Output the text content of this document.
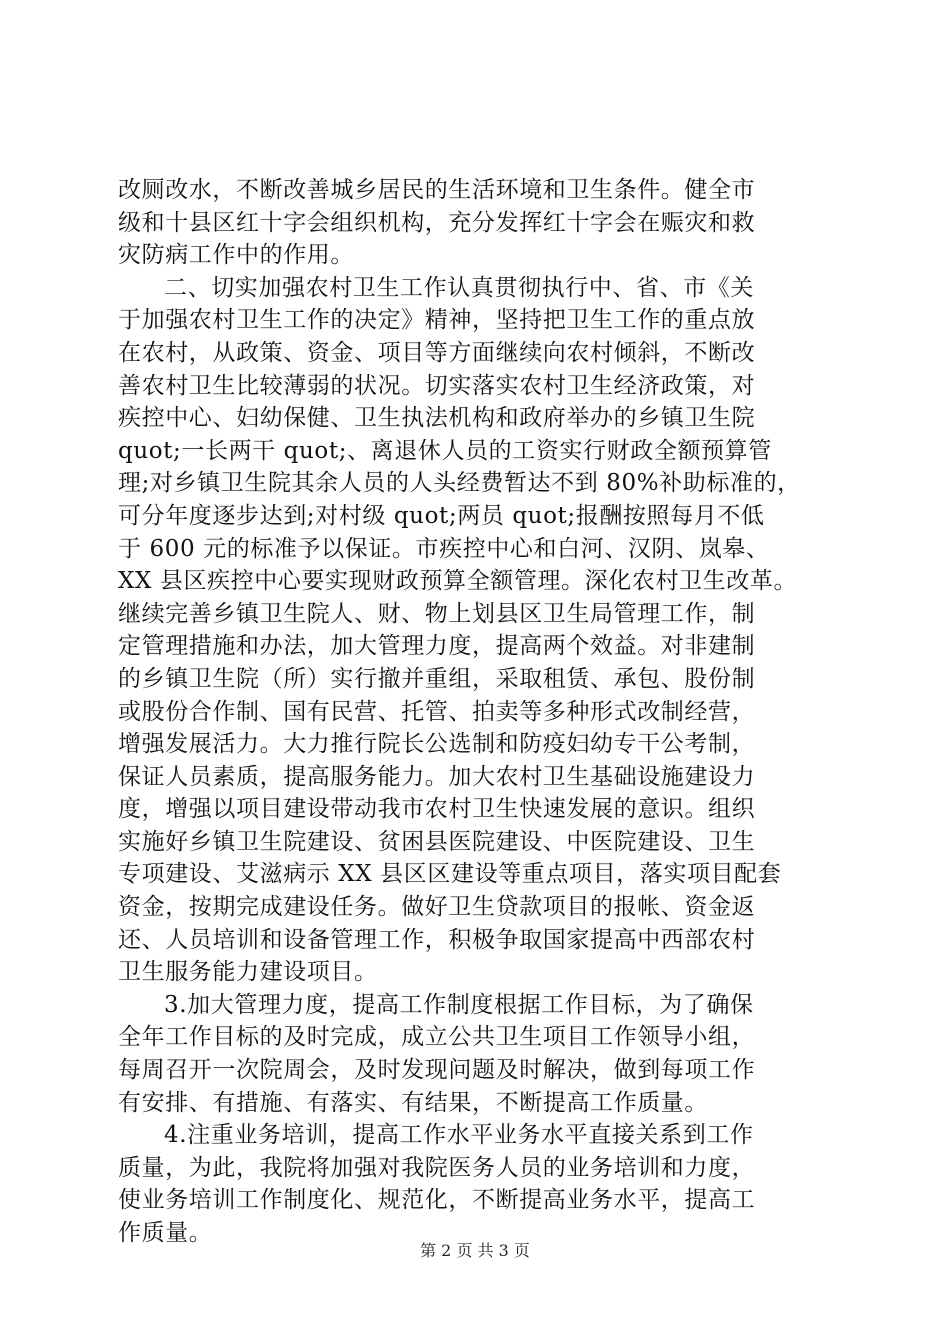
改厕改水，不断改善城乡居民的生活环境和卫生条件。健全市
级和十县区红十字会组织机构，充分发挥红十字会在赈灾和救
灾防病工作中的作用。
二、切实加强农村卫生工作认真贯彻执行中、省、市《关
于加强农村卫生工作的决定》精神，坚持把卫生工作的重点放
在农村，从政策、资金、项目等方面继续向农村倾斜，不断改
善农村卫生比较薄弱的状况。切实落实农村卫生经济政策，对
疾控中心、妇幼保健、卫生执法机构和政府举办的乡镇卫生院
quot;一长两干 quot;、离退休人员的工资实行财政全额预算管
理;对乡镇卫生院其余人员的人头经费暂达不到 80%补助标准的，
可分年度逐步达到;对村级 quot;两员 quot;报酬按照每月不低
于 600 元的标准予以保证。市疾控中心和白河、汉阴、岚皋、
XX 县区疾控中心要实现财政预算全额管理。深化农村卫生改革。
继续完善乡镇卫生院人、财、物上划县区卫生局管理工作，制
定管理措施和办法，加大管理力度，提高两个效益。对非建制
的乡镇卫生院（所）实行撤并重组，采取租赁、承包、股份制
或股份合作制、国有民营、托管、拍卖等多种形式改制经营，
增强发展活力。大力推行院长公选制和防疫妇幼专干公考制，
保证人员素质，提高服务能力。加大农村卫生基础设施建设力
度，增强以项目建设带动我市农村卫生快速发展的意识。组织
实施好乡镇卫生院建设、贫困县医院建设、中医院建设、卫生
专项建设、艾滋病示 XX 县区区建设等重点项目，落实项目配套
资金，按期完成建设任务。做好卫生贷款项目的报帐、资金返
还、人员培训和设备管理工作，积极争取国家提高中西部农村
卫生服务能力建设项目。
3.加大管理力度，提高工作制度根据工作目标，为了确保
全年工作目标的及时完成，成立公共卫生项目工作领导小组，
每周召开一次院周会，及时发现问题及时解决，做到每项工作
有安排、有措施、有落实、有结果，不断提高工作质量。
4.注重业务培训，提高工作水平业务水平直接关系到工作
质量，为此，我院将加强对我院医务人员的业务培训和力度，
使业务培训工作制度化、规范化，不断提高业务水平，提高工
作质量。
第 2 页 共 3 页
